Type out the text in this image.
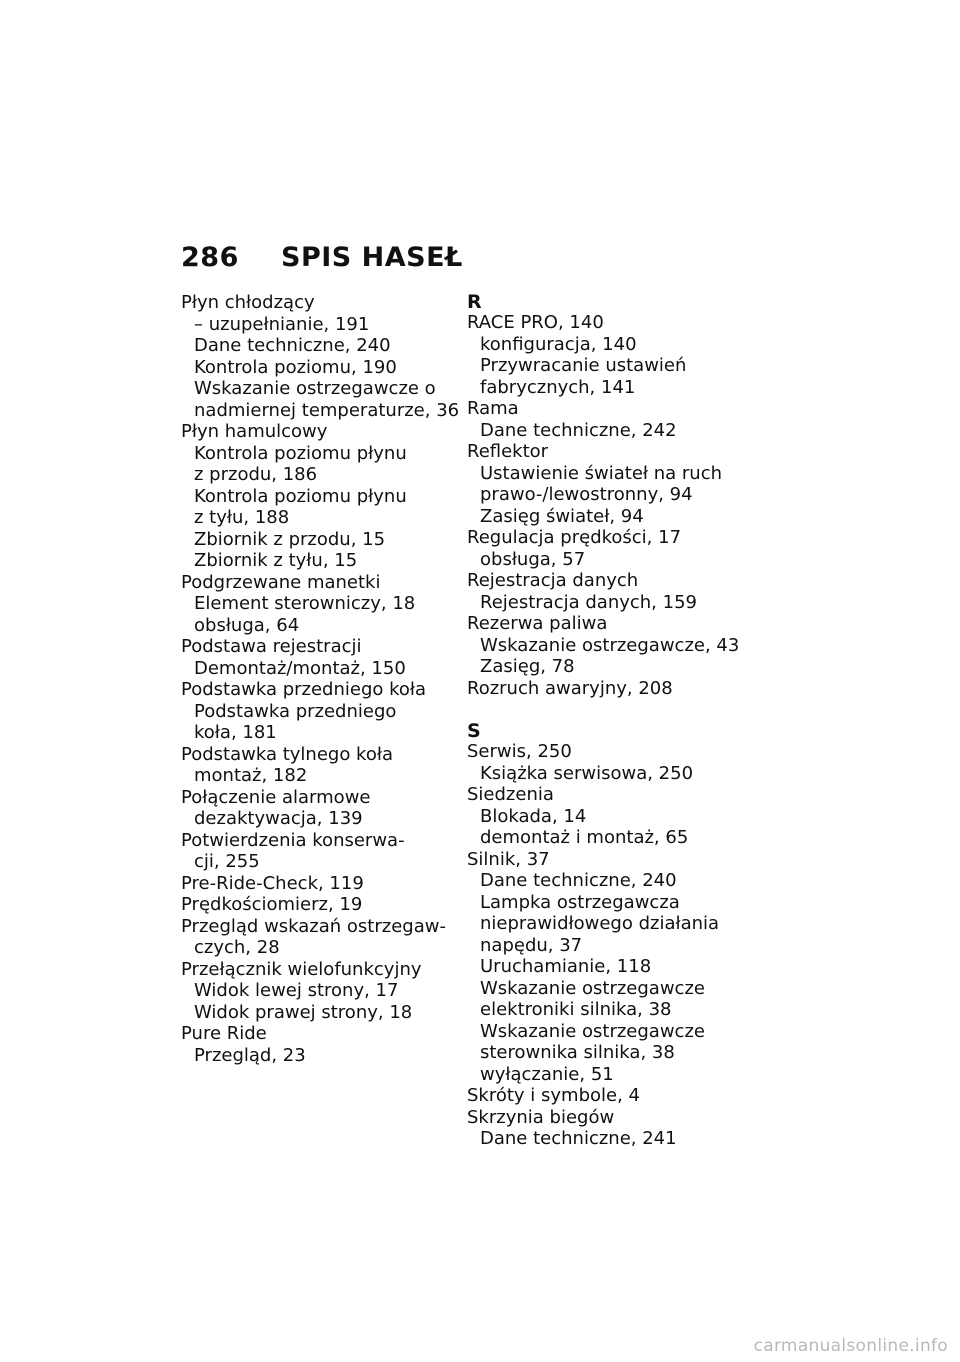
286	SPIS HASEŁ
Płyn chłodzący
– uzupełnianie, 191
Dane techniczne, 240
Kontrola poziomu, 190
Wskazanie ostrzegawcze o
nadmiernej temperaturze, 36
Płyn hamulcowy
Kontrola poziomu płynu
z przodu, 186
Kontrola poziomu płynu
z tyłu, 188
Zbiornik z przodu, 15
Zbiornik z tyłu, 15
Podgrzewane manetki
Element sterowniczy, 18
obsługa, 64
Podstawa rejestracji
Demontaż/montaż, 150
Podstawka przedniego koła
Podstawka przedniego
koła, 181
Podstawka tylnego koła
montaż, 182
Połączenie alarmowe
dezaktywacja, 139
Potwierdzenia konserwa-
cji, 255
Pre-Ride-Check, 119
Prędkościomierz, 19
Przegląd wskazań ostrzegaw-
czych, 28
Przełącznik wielofunkcyjny
Widok lewej strony, 17
Widok prawej strony, 18
Pure Ride
Przegląd, 23
R
RACE PRO, 140
konfiguracja, 140
Przywracanie ustawień
fabrycznych, 141
Rama
Dane techniczne, 242
Reflektor
Ustawienie świateł na ruch
prawo-/lewostronny, 94
Zasięg świateł, 94
Regulacja prędkości, 17
obsługa, 57
Rejestracja danych
Rejestracja danych, 159
Rezerwa paliwa
Wskazanie ostrzegawcze, 43
Zasięg, 78
Rozruch awaryjny, 208
S
Serwis, 250
Książka serwisowa, 250
Siedzenia
Blokada, 14
demontaż i montaż, 65
Silnik, 37
Dane techniczne, 240
Lampka ostrzegawcza
nieprawidłowego działania
napędu, 37
Uruchamianie, 118
Wskazanie ostrzegawcze
elektroniki silnika, 38
Wskazanie ostrzegawcze
sterownika silnika, 38
wyłączanie, 51
Skróty i symbole, 4
Skrzynia biegów
Dane techniczne, 241
carmanualsonline.info
